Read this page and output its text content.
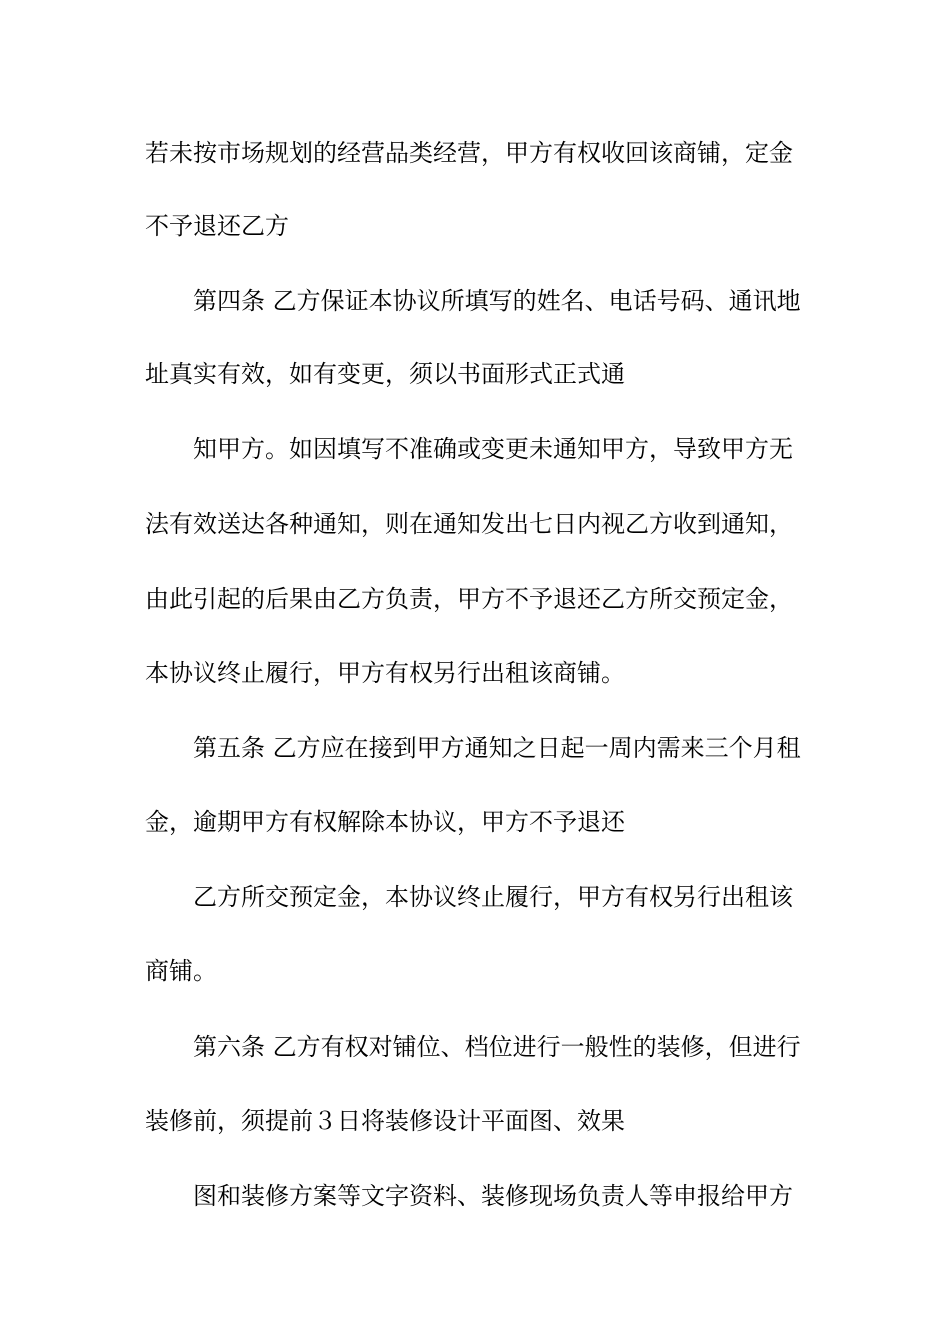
若未按市场规划的经营品类经营，甲方有权收回该商铺，定金
不予退还乙方
第四条 乙方保证本协议所填写的姓名、电话号码、通讯地
址真实有效，如有变更，须以书面形式正式通
知甲方。如因填写不准确或变更未通知甲方，导致甲方无
法有效送达各种通知，则在通知发出七日内视乙方收到通知，
由此引起的后果由乙方负责，甲方不予退还乙方所交预定金，
本协议终止履行，甲方有权另行出租该商铺。
第五条 乙方应在接到甲方通知之日起一周内需来三个月租
金，逾期甲方有权解除本协议，甲方不予退还
乙方所交预定金，本协议终止履行，甲方有权另行出租该
商铺。
第六条 乙方有权对铺位、档位进行一般性的装修，但进行
装修前，须提前３日将装修设计平面图、效果
图和装修方案等文字资料、装修现场负责人等申报给甲方
